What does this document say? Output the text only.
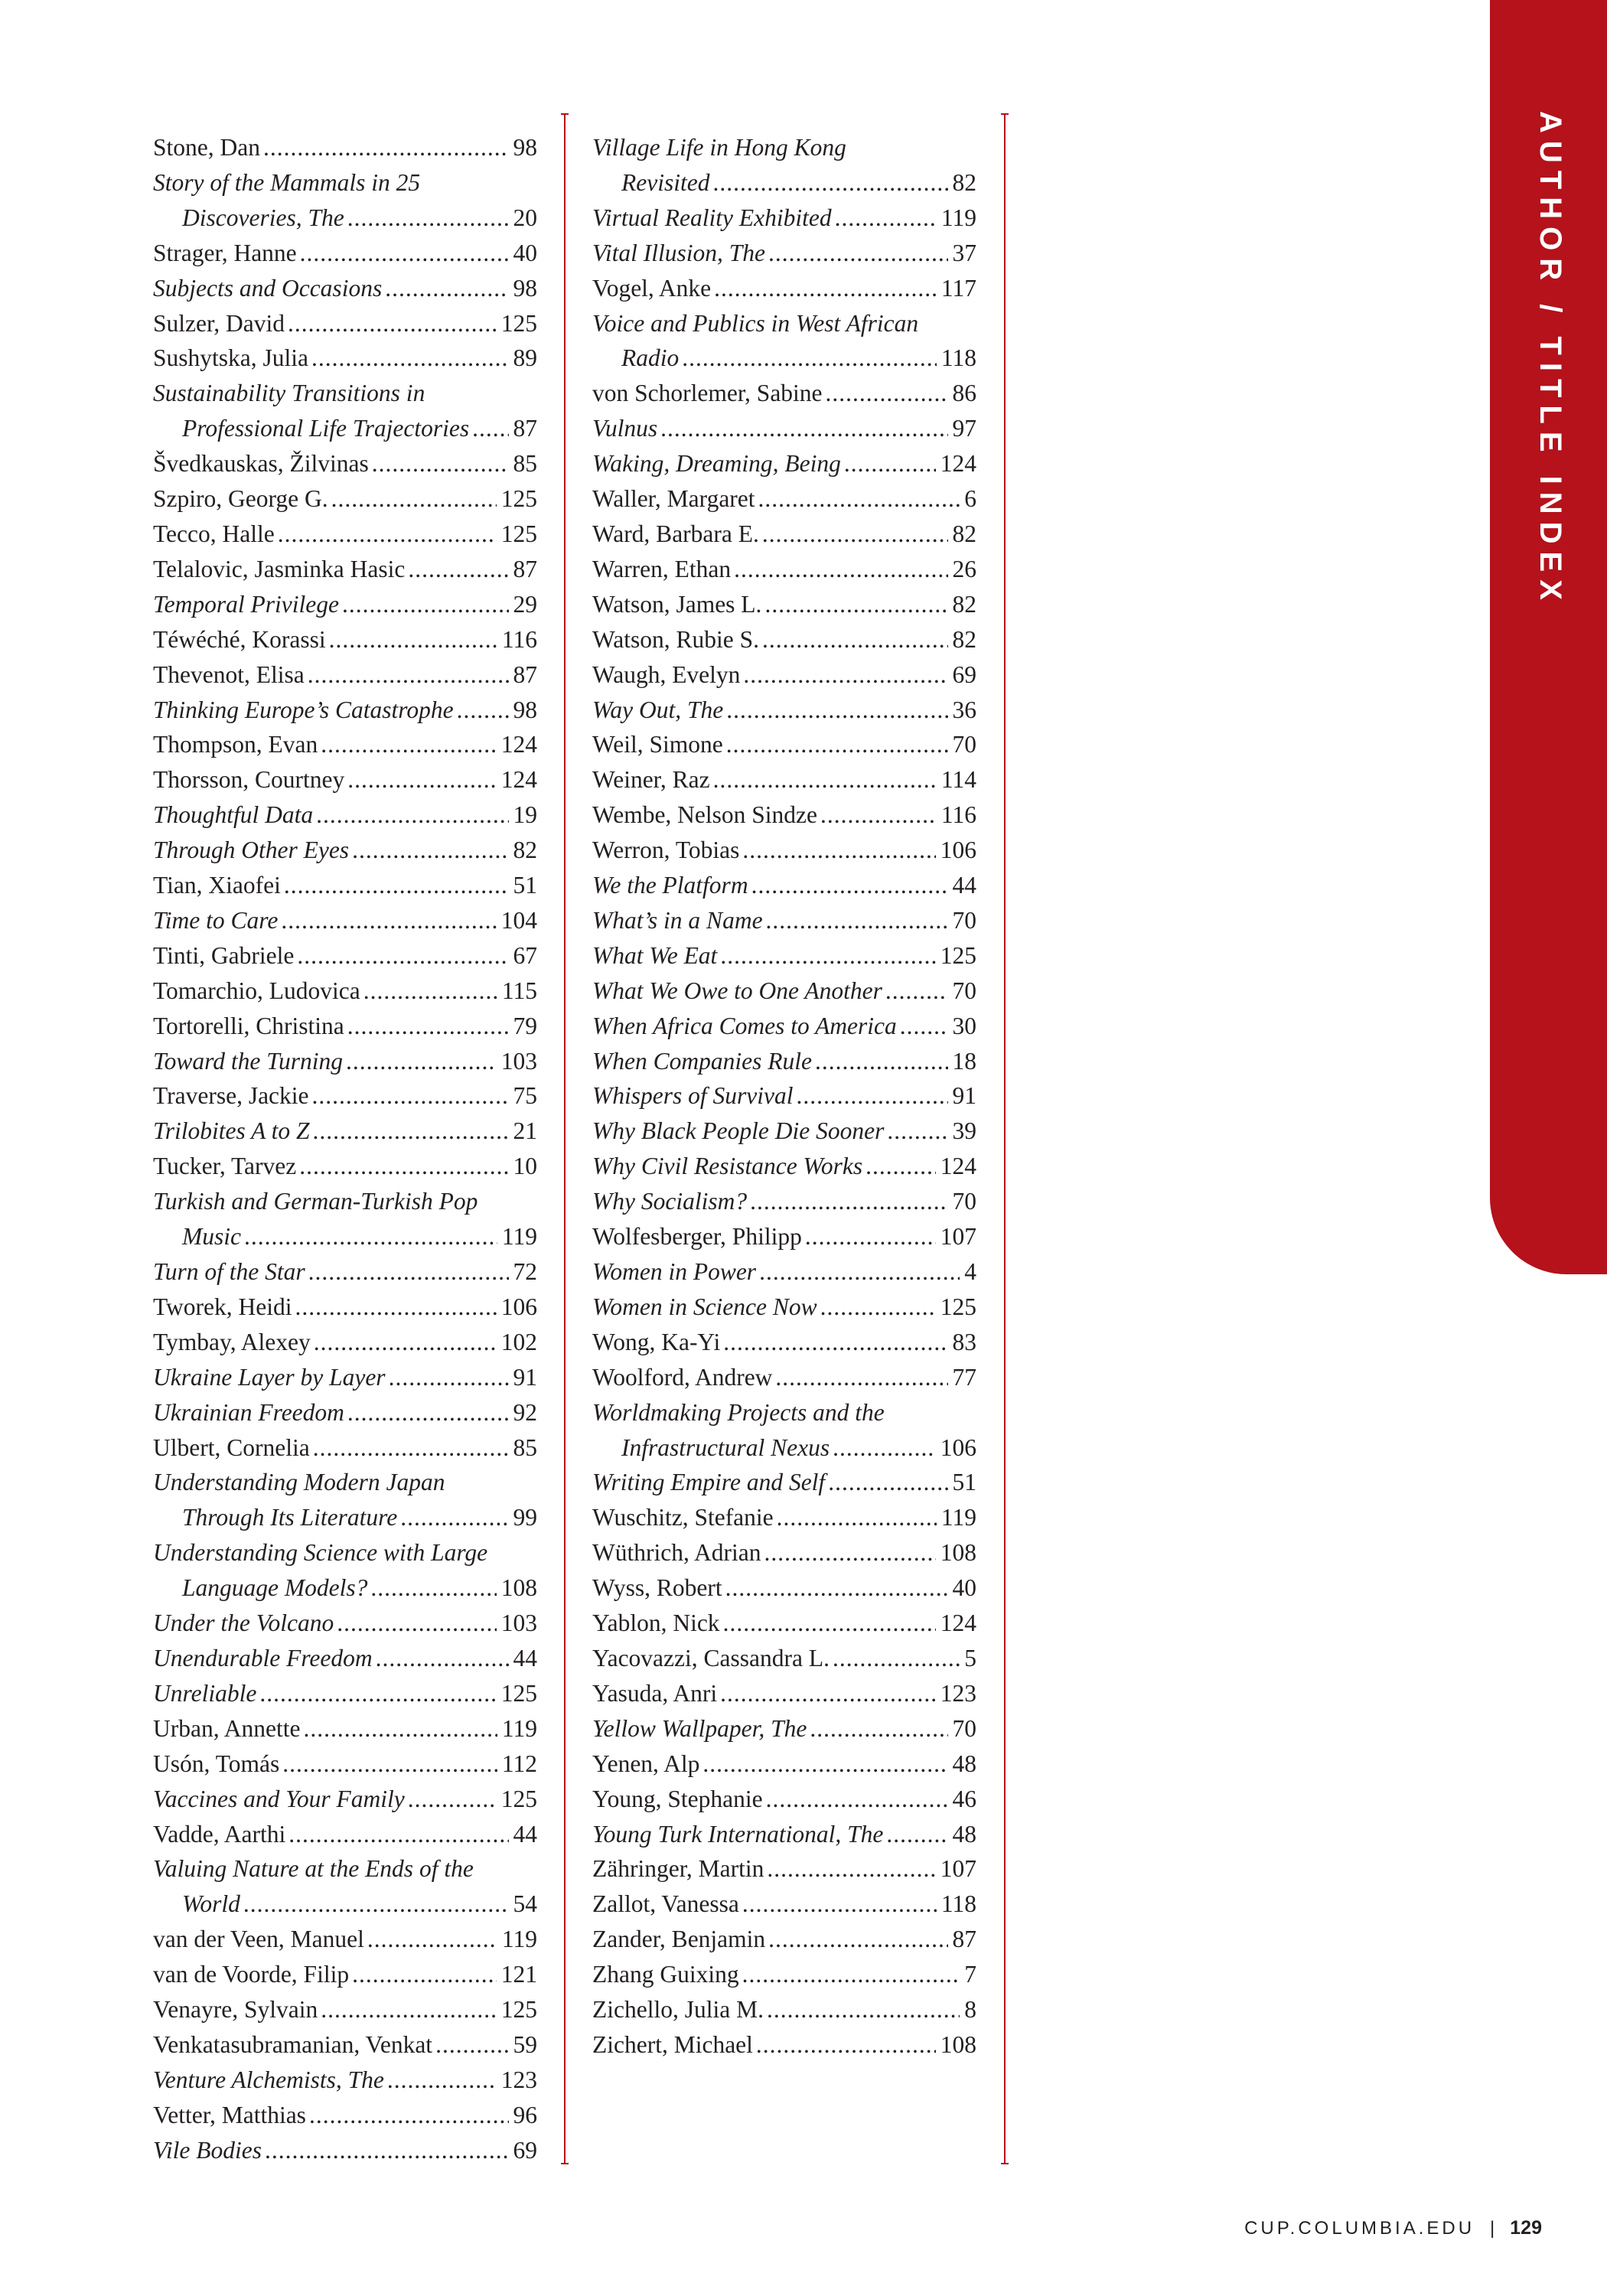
Stone, Dan .....	98
Story of the Mammals in 25
Discoveries, The .....	20
Strager, Hanne .....	40
Subjects and Occasions .....	98
Sulzer, David .....	125
Sushytska, Julia .....	89
Sustainability Transitions in
Professional Life Trajectories ..... 87
Švedkauskas, Žilvinas .....	85
Szpiro, George G. .....	125
Tecco, Halle .....	125
Telalovic, Jasminka Hasic .....	87
Temporal Privilege .....	29
Téwéché, Korassi .....	116
Thevenot, Elisa .....	87
Thinking Europe’s Catastrophe ..... 98
Thompson, Evan .....	124
Thorsson, Courtney .....	124
Thoughtful Data .....	19
Through Other Eyes .....	82
Tian, Xiaofei .....	51
Time to Care .....	104
Tinti, Gabriele .....	67
Tomarchio, Ludovica .....	115
Tortorelli, Christina .....	79
Toward the Turning .....	103
Traverse, Jackie .....	75
Trilobites A to Z .....	21
Tucker, Tarvez .....	10
Turkish and German-Turkish Pop
Music .....	119
Turn of the Star .....	72
Tworek, Heidi .....	106
Tymbay, Alexey .....	102
Ukraine Layer by Layer .....	91
Ukrainian Freedom .....	92
Ulbert, Cornelia .....	85
Understanding Modern Japan
Through Its Literature .....	99
Understanding Science with Large
Language Models? .....	108
Under the Volcano .....	103
Unendurable Freedom .....	44
Unreliable .....	125
Urban, Annette .....	119
Usón, Tomás .....	112
Vaccines and Your Family .....	125
Vadde, Aarthi .....	44
Valuing Nature at the Ends of the
World .....	54
van der Veen, Manuel .....	119
van de Voorde, Filip .....	121
Venayre, Sylvain .....	125
Venkatasubramanian, Venkat .....	59
Venture Alchemists, The .....	123
Vetter, Matthias .....	96
Vile Bodies .....	69
Village Life in Hong Kong
Revisited .....	82
Virtual Reality Exhibited .....	119
Vital Illusion, The .....	37
Vogel, Anke .....	117
Voice and Publics in West African
Radio .....	118
von Schorlemer, Sabine .....	86
Vulnus .....	97
Waking, Dreaming, Being .....	124
Waller, Margaret .....	6
Ward, Barbara E. .....	82
Warren, Ethan .....	26
Watson, James L. .....	82
Watson, Rubie S. .....	82
Waugh, Evelyn .....	69
Way Out, The .....	36
Weil, Simone .....	70
Weiner, Raz .....	114
Wembe, Nelson Sindze .....	116
Werron, Tobias .....	106
We the Platform .....	44
What’s in a Name .....	70
What We Eat .....	125
What We Owe to One Another .....	70
When Africa Comes to America ..... 30
When Companies Rule .....	18
Whispers of Survival .....	91
Why Black People Die Sooner .....	39
Why Civil Resistance Works .....	124
Why Socialism? .....	70
Wolfesberger, Philipp .....	107
Women in Power .....	4
Women in Science Now .....	125
Wong, Ka-Yi .....	83
Woolford, Andrew .....	77
Worldmaking Projects and the
Infrastructural Nexus .....	106
Writing Empire and Self .....	51
Wuschitz, Stefanie .....	119
Wüthrich, Adrian .....	108
Wyss, Robert .....	40
Yablon, Nick .....	124
Yacovazzi, Cassandra L. .....	5
Yasuda, Anri .....	123
Yellow Wallpaper, The .....	70
Yenen, Alp .....	48
Young, Stephanie .....	46
Young Turk International, The .....	48
Zähringer, Martin .....	107
Zallot, Vanessa .....	118
Zander, Benjamin .....	87
Zhang Guixing .....	7
Zichello, Julia M. .....	8
Zichert, Michael .....	108
AUTHOR / TITLE INDEX
CUP.COLUMBIA.EDU | 129
